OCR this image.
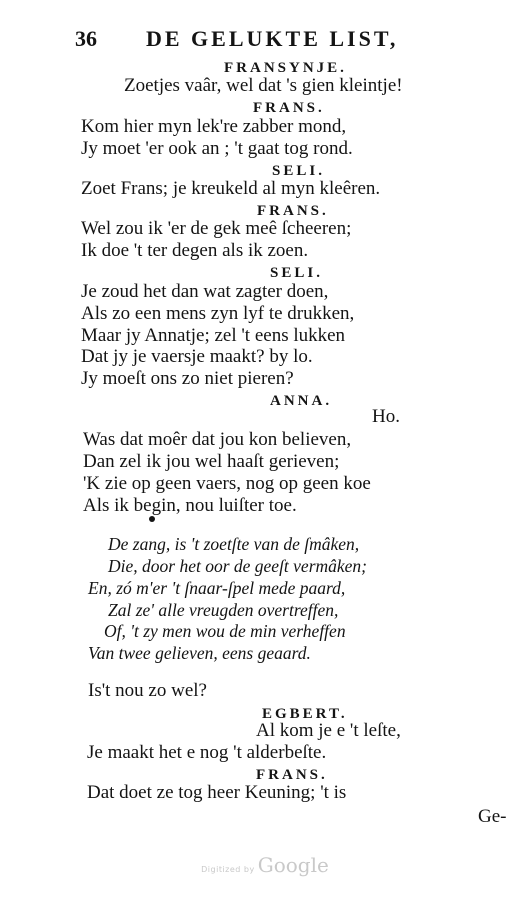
36 DE GELUKTE LIST,
FRANSYNJE.
Zoetjes vaâr, wel dat 's gien kleintje!
FRANS.
Kom hier myn lek're zabber mond,
Jy moet 'er ook an ; 't gaat tog rond.
SELI.
Zoet Frans; je kreukeld al myn kleêren.
FRANS.
Wel zou ik 'er de gek meê ſcheeren;
Ik doe 't ter degen als ik zoen.
SELI.
Je zoud het dan wat zagter doen,
Als zo een mens zyn lyf te drukken,
Maar jy Annatje; zel 't eens lukken
Dat jy je vaersje maakt? by lo.
Jy moeſt ons zo niet pieren?
ANNA.
Ho.
Was dat moêr dat jou kon believen,
Dan zel ik jou wel haaſt gerieven;
'K zie op geen vaers, nog op geen koe
Als ik begin, nou luiſter toe.
De zang, is 't zoetſte van de ſmâken,
Die, door het oor de geeſt vermâken;
En, zó m'er 't ſnaar-ſpel mede paard,
Zal ze' alle vreugden overtreffen,
Of, 't zy men wou de min verheffen
Van twee gelieven, eens geaard.
Is't nou zo wel?
EGBERT.
Al kom je e 't leſte,
Je maakt het e nog 't alderbeſte.
FRANS.
Dat doet ze tog heer Keuning; 't is
Ge-
Digitized by Google
